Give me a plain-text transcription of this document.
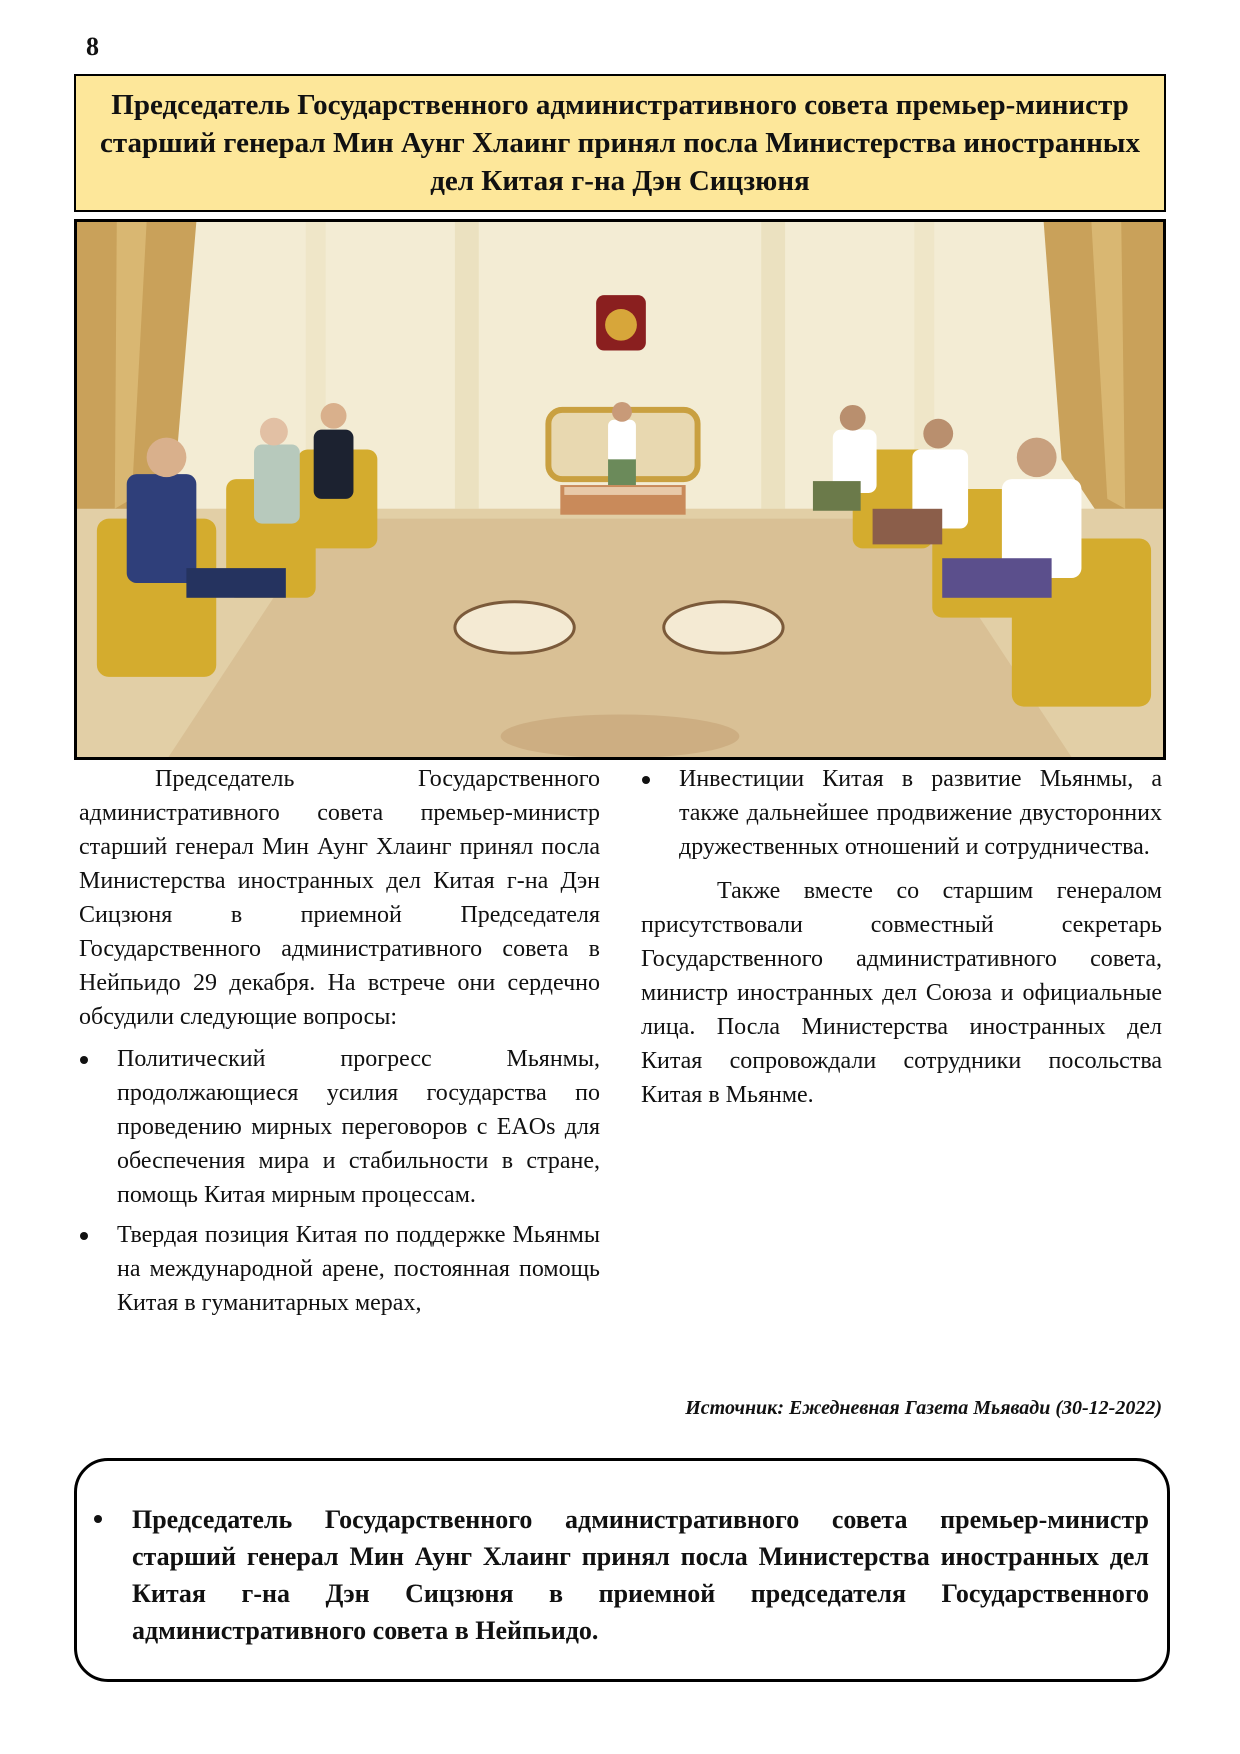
8
Председатель Государственного административного совета премьер-министр старший генерал Мин Аунг Хлаинг принял посла Министерства иностранных дел Китая г-на Дэн Сицзюня

Председатель Государственного административного совета премьер-министр старший генерал Мин Аунг Хлаинг принял посла Министерства иностранных дел Китая г-на Дэн Сицзюня в приемной Председателя Государственного административного совета в Нейпьидо 29 декабря. На встрече они сердечно обсудили следующие вопросы:

Политический прогресс Мьянмы, продолжающиеся усилия государства по проведению мирных переговоров с EAOs для обеспечения мира и стабильности в стране, помощь Китая мирным процессам.
Твердая позиция Китая по поддержке Мьянмы на международной арене, постоянная помощь Китая в гуманитарных мерах,
Инвестиции Китая в развитие Мьянмы, а также дальнейшее продвижение двусторонних дружественных отношений и сотрудничества.

Также вместе со старшим генералом присутствовали совместный секретарь Государственного административного совета, министр иностранных дел Союза и официальные лица. Посла Министерства иностранных дел Китая сопровождали сотрудники посольства Китая в Мьянме.

Источник: Ежедневная Газета Мьявади (30-12-2022)
Председатель Государственного административного совета премьер-министр старший генерал Мин Аунг Хлаинг принял посла Министерства иностранных дел Китая г-на Дэн Сицзюня в приемной председателя Государственного административного совета в Нейпьидо.
